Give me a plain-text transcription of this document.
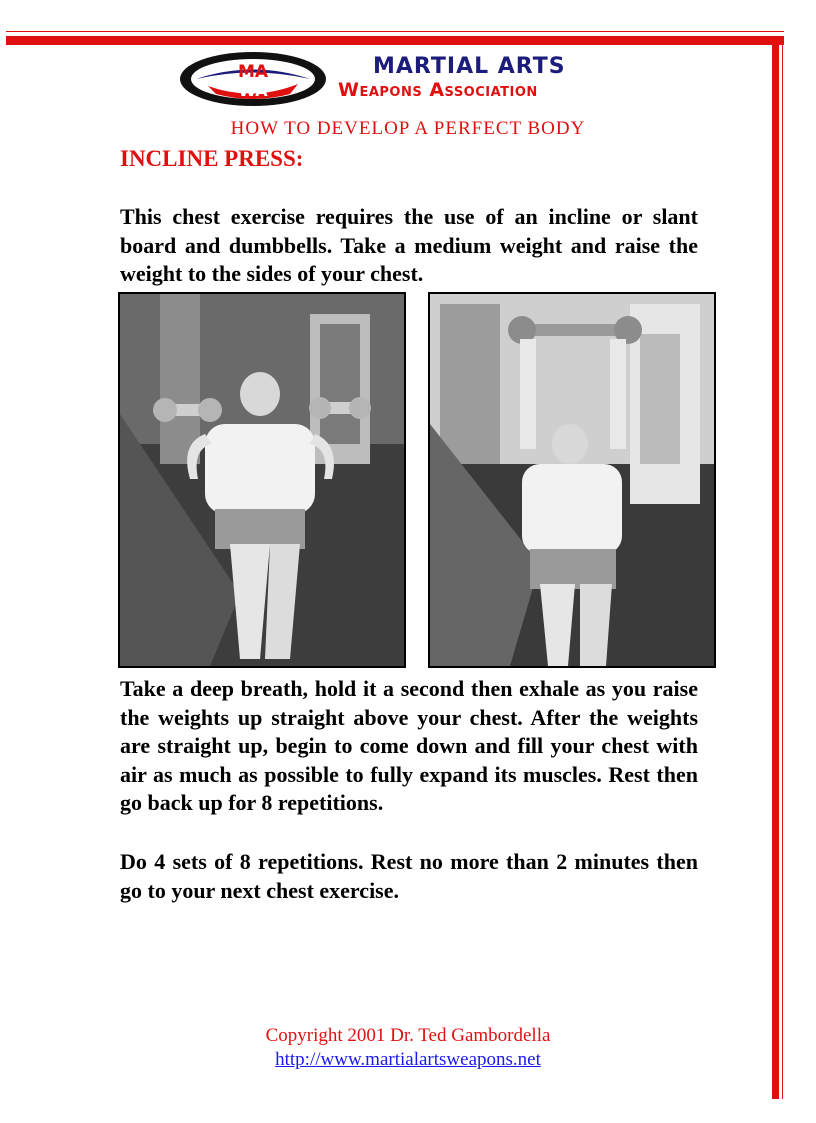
MA
WA
MARTIAL ARTS
Weapons Association
HOW TO DEVELOP A PERFECT BODY
INCLINE PRESS:
This chest exercise requires the use of an incline or slant board and dumbbells. Take a medium weight and raise the weight to the sides of your chest.
Take a deep breath, hold it a second then exhale as you raise the weights up straight above your chest. After the weights are straight up, begin to come down and fill your chest with air as much as possible to fully expand its muscles. Rest then go back up for 8 repetitions.
Do 4 sets of 8 repetitions. Rest no more than 2 minutes then go to your next chest exercise.
Copyright 2001 Dr. Ted Gambordella
http://www.martialartsweapons.net
